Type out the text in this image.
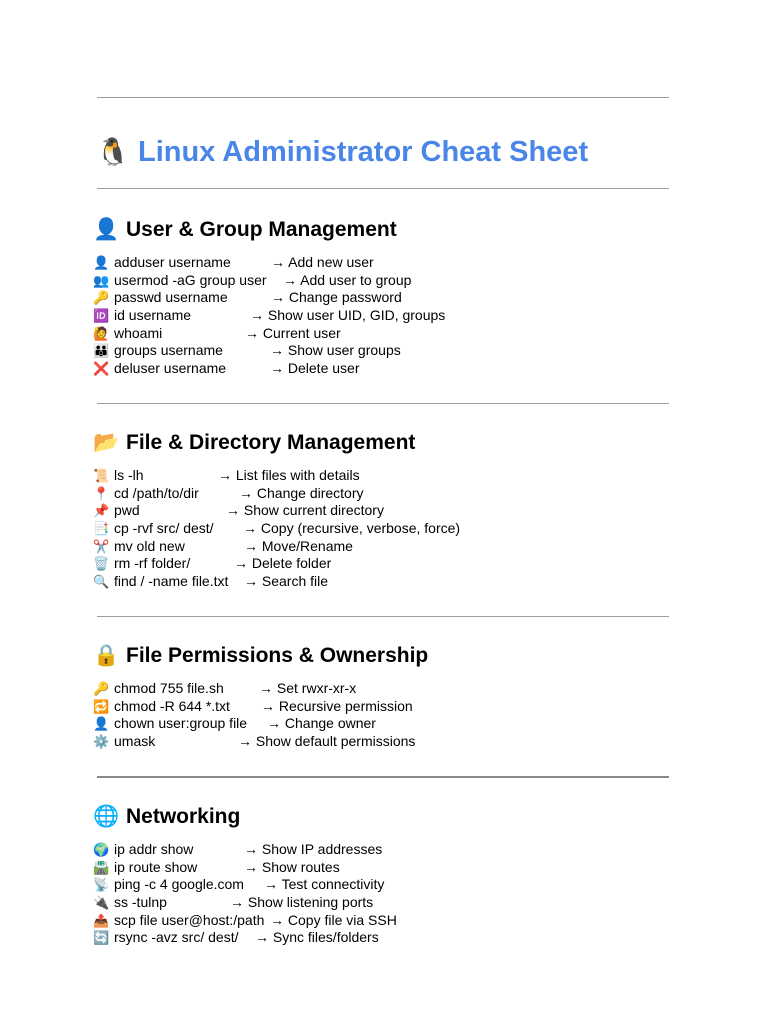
🐧 Linux Administrator Cheat Sheet
👤 User & Group Management
👤 adduser username	→ Add new user
👥 usermod -aG group user → Add user to group
🔑 passwd username	→ Change password
🆔 id username	→ Show user UID, GID, groups
🙋 whoami	→ Current user
👪 groups username	→ Show user groups
❌ deluser username	→ Delete user
📂 File & Directory Management
📜 ls -lh	→ List files with details
📍 cd /path/to/dir	→ Change directory
📌 pwd	→ Show current directory
📑 cp -rvf src/ dest/ → Copy (recursive, verbose, force)
✂️ mv old new	→ Move/Rename
🗑️ rm -rf folder/	→ Delete folder
🔍 find / -name file.txt → Search file
🔒 File Permissions & Ownership
🔑 chmod 755 file.sh	→ Set rwxr-xr-x
🔁 chmod -R 644 *.txt → Recursive permission
👤 chown user:group file → Change owner
⚙️ umask	→ Show default permissions
🌐 Networking
🌍 ip addr show	→ Show IP addresses
🛣️ ip route show	→ Show routes
📡 ping -c 4 google.com → Test connectivity
🔌 ss -tulnp	→ Show listening ports
📤 scp file user@host:/path → Copy file via SSH
🔄 rsync -avz src/ dest/ → Sync files/folders
